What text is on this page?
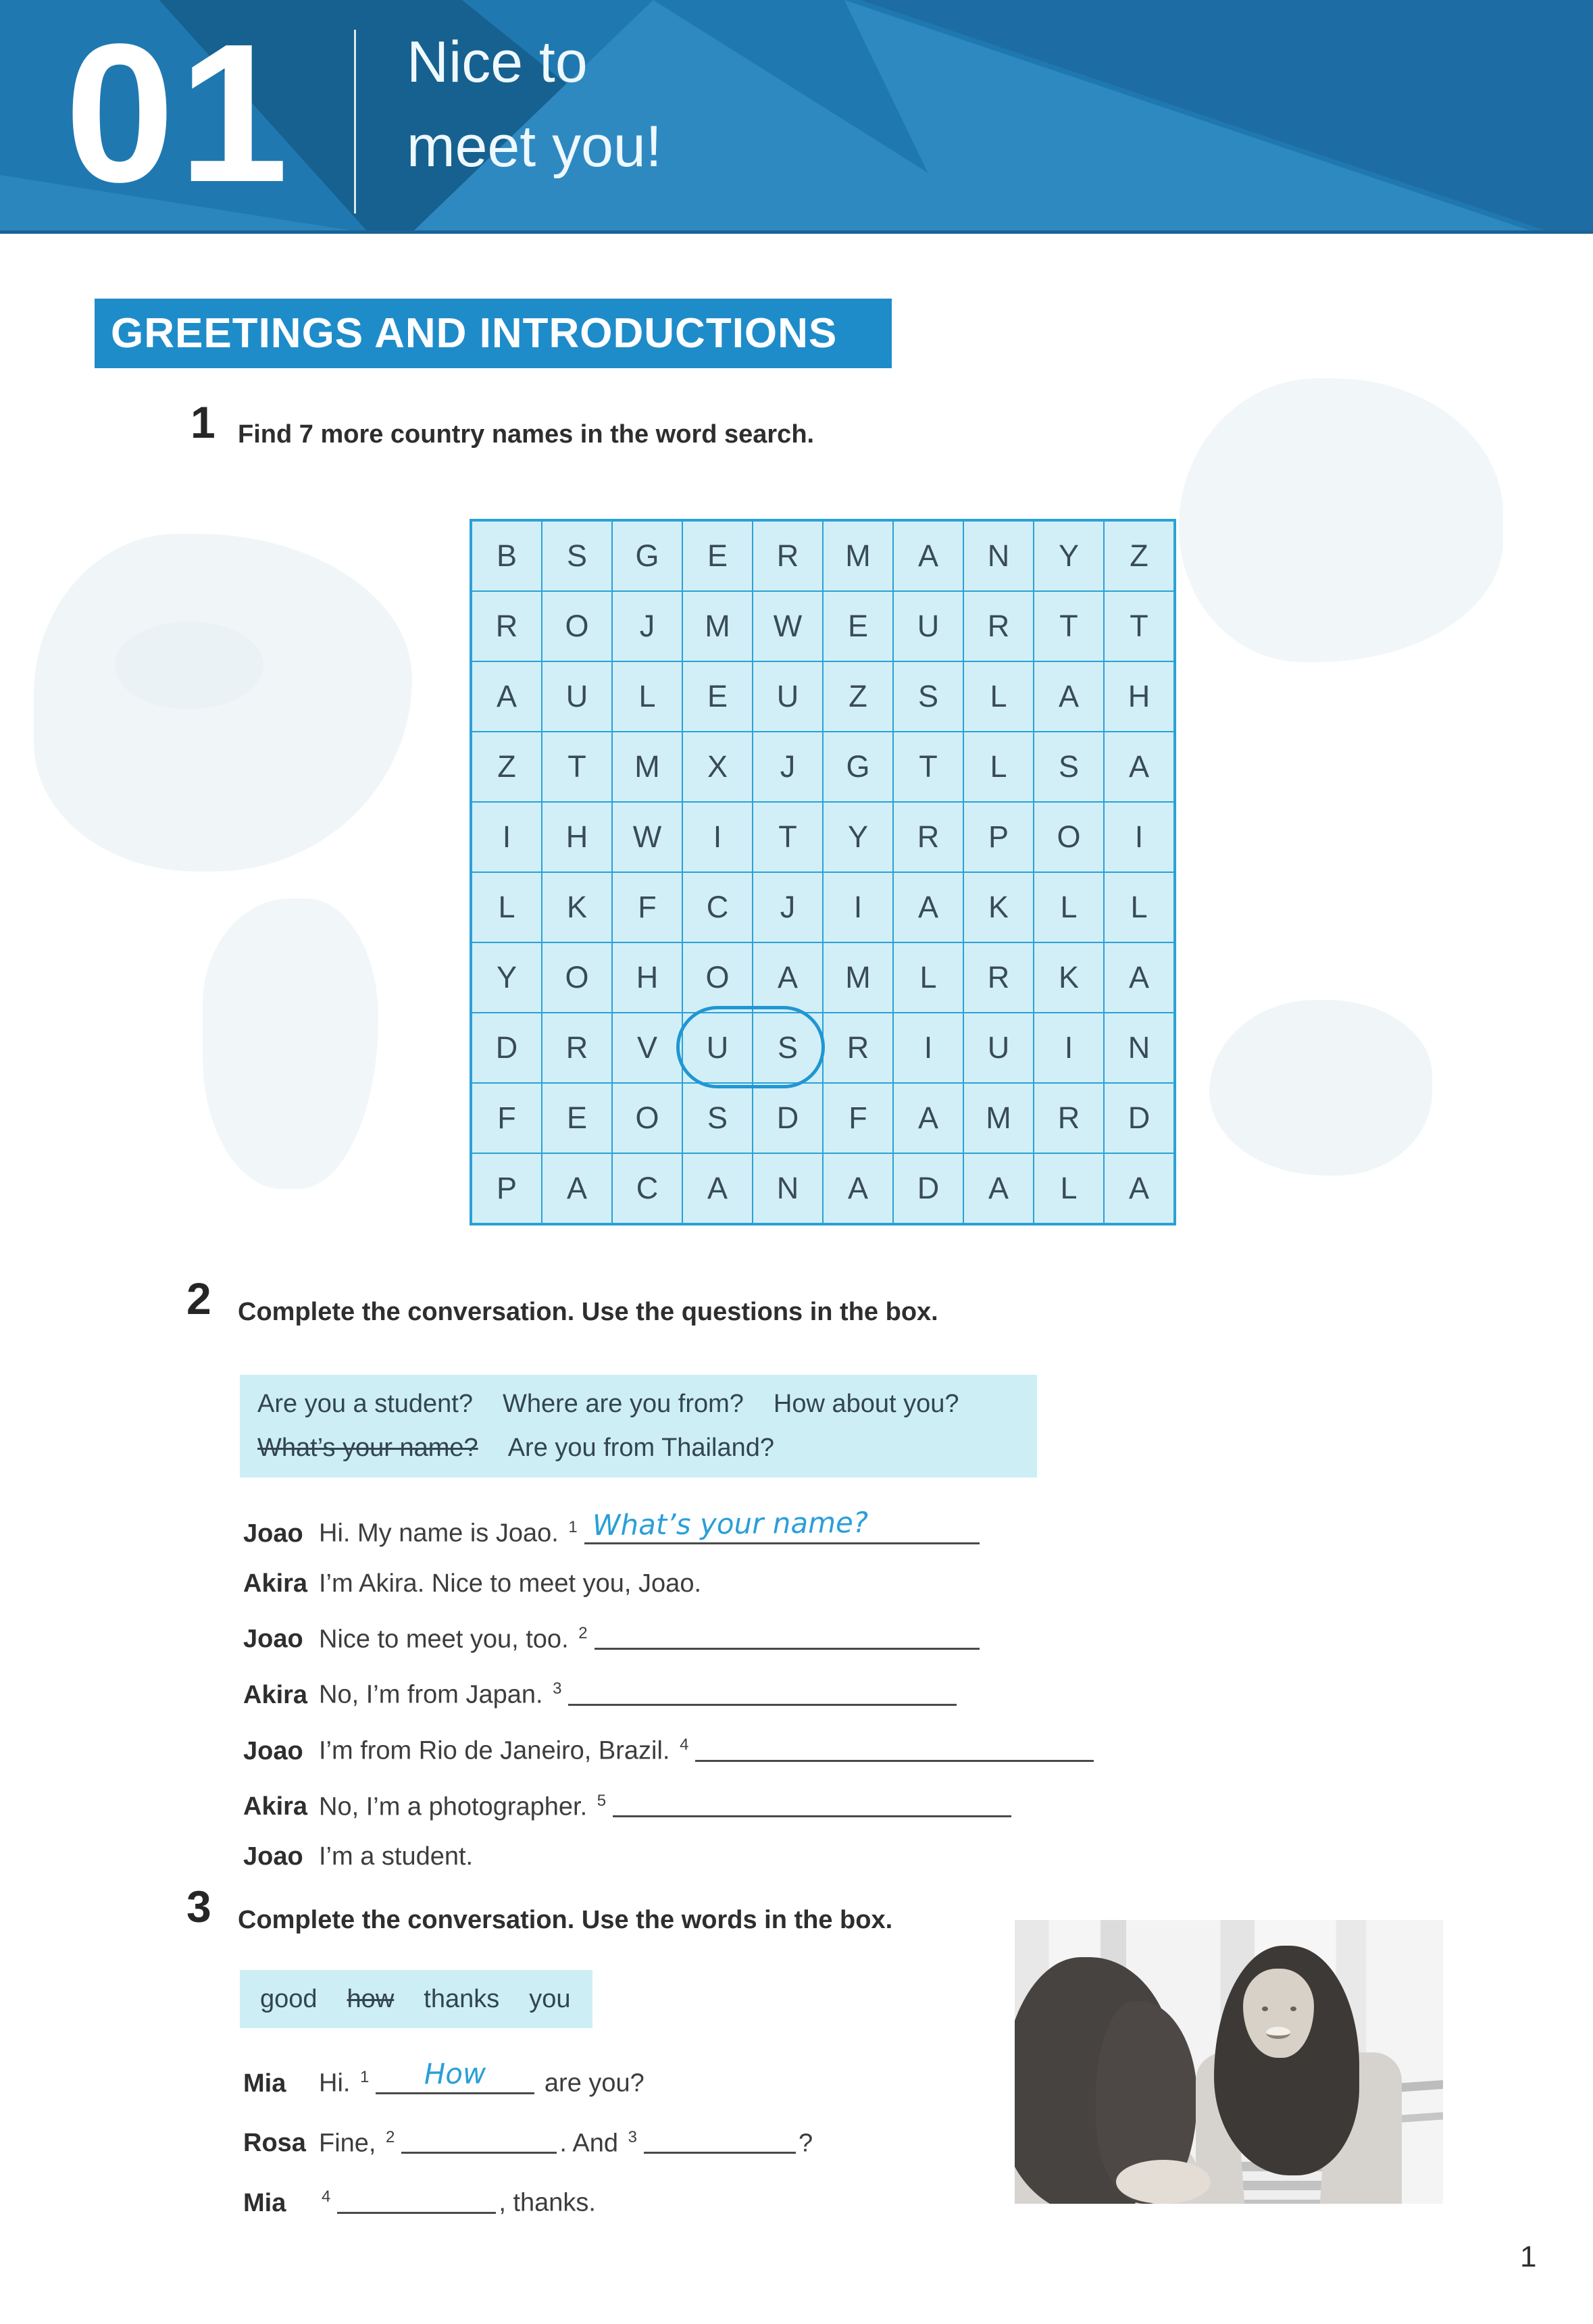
01 Nice to
meet you!
GREETINGS AND INTRODUCTIONS
1 Find 7 more country names in the word search.
B	S	G	E	R	M	A	N	Y	Z
R	O	J	M	W	E	U	R	T	T
A	U	L	E	U	Z	S	L	A	H
Z	T	M	X	J	G	T	L	S	A
I	H	W	I	T	Y	R	P	O	I
L	K	F	C	J	I	A	K	L	L
Y	O	H	O	A	M	L	R	K	A
D	R	V	U	S	R	I	U	I	N
F	E	O	S	D	F	A	M	R	D
P	A	C	A	N	A	D	A	L	A
2 Complete the conversation. Use the questions in the box.
Are you a student? Where are you from? How about you?
What’s your name? Are you from Thailand?
Joao Hi. My name is Joao. $^1$ What’s your name?
Akira I’m Akira. Nice to meet you, Joao.
Joao Nice to meet you, too. $^2$
Akira No, I’m from Japan. $^3$
Joao I’m from Rio de Janeiro, Brazil. $^4$
Akira No, I’m a photographer. $^5$
Joao I’m a student.
3 Complete the conversation. Use the words in the box.
good how thanks you
Mia	Hi. $^1$	How	are you?
Rosa Fine, $^2$	. And $^3$	?
Mia	$^4$	, thanks.
1
